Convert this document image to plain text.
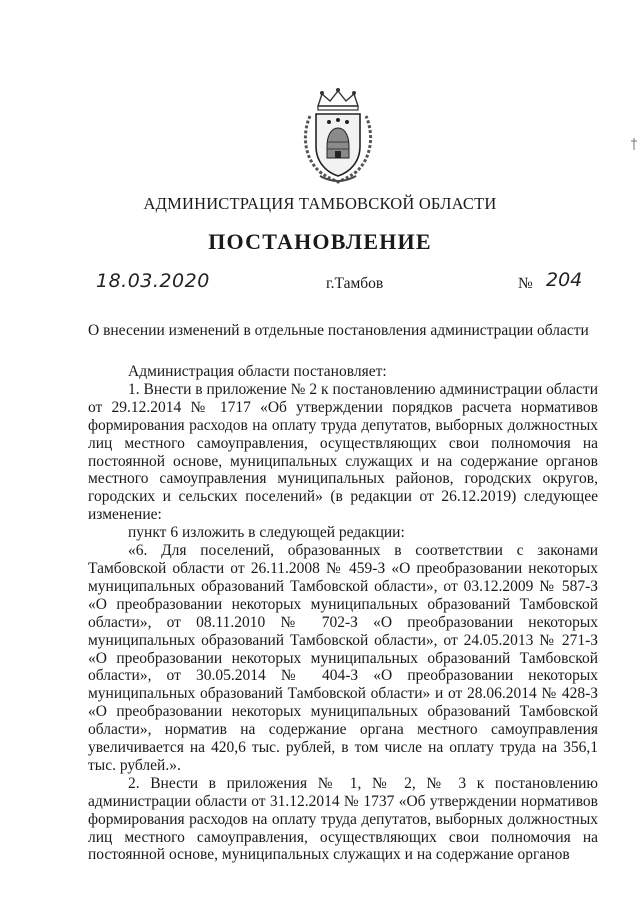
АДМИНИСТРАЦИЯ ТАМБОВСКОЙ ОБЛАСТИ
ПОСТАНОВЛЕНИЕ
18.03.2020	г.Тамбов	№ 204
О внесении изменений в отдельные постановления администрации области

Администрация области постановляет:

1. Внести в приложение № 2 к постановлению администрации области от 29.12.2014 № 1717 «Об утверждении порядков расчета нормативов формирования расходов на оплату труда депутатов, выборных должностных лиц местного самоуправления, осуществляющих свои полномочия на постоянной основе, муниципальных служащих и на содержание органов местного самоуправления муниципальных районов, городских округов, городских и сельских поселений» (в редакции от 26.12.2019) следующее изменение:

пункт 6 изложить в следующей редакции:

«6. Для поселений, образованных в соответствии с законами Тамбовской области от 26.11.2008 № 459-З «О преобразовании некоторых муниципальных образований Тамбовской области», от 03.12.2009 № 587-З «О преобразовании некоторых муниципальных образований Тамбовской области», от 08.11.2010 № 702-З «О преобразовании некоторых муниципальных образований Тамбовской области», от 24.05.2013 № 271-З «О преобразовании некоторых муниципальных образований Тамбовской области», от 30.05.2014 № 404-З «О преобразовании некоторых муниципальных образований Тамбовской области» и от 28.06.2014 № 428-З «О преобразовании некоторых муниципальных образований Тамбовской области», норматив на содержание органа местного самоуправления увеличивается на 420,6 тыс. рублей, в том числе на оплату труда на 356,1 тыс. рублей.».

2. Внести в приложения № 1, № 2, № 3 к постановлению администрации области от 31.12.2014 № 1737 «Об утверждении нормативов формирования расходов на оплату труда депутатов, выборных должностных лиц местного самоуправления, осуществляющих свои полномочия на постоянной основе, муниципальных служащих и на содержание органов
